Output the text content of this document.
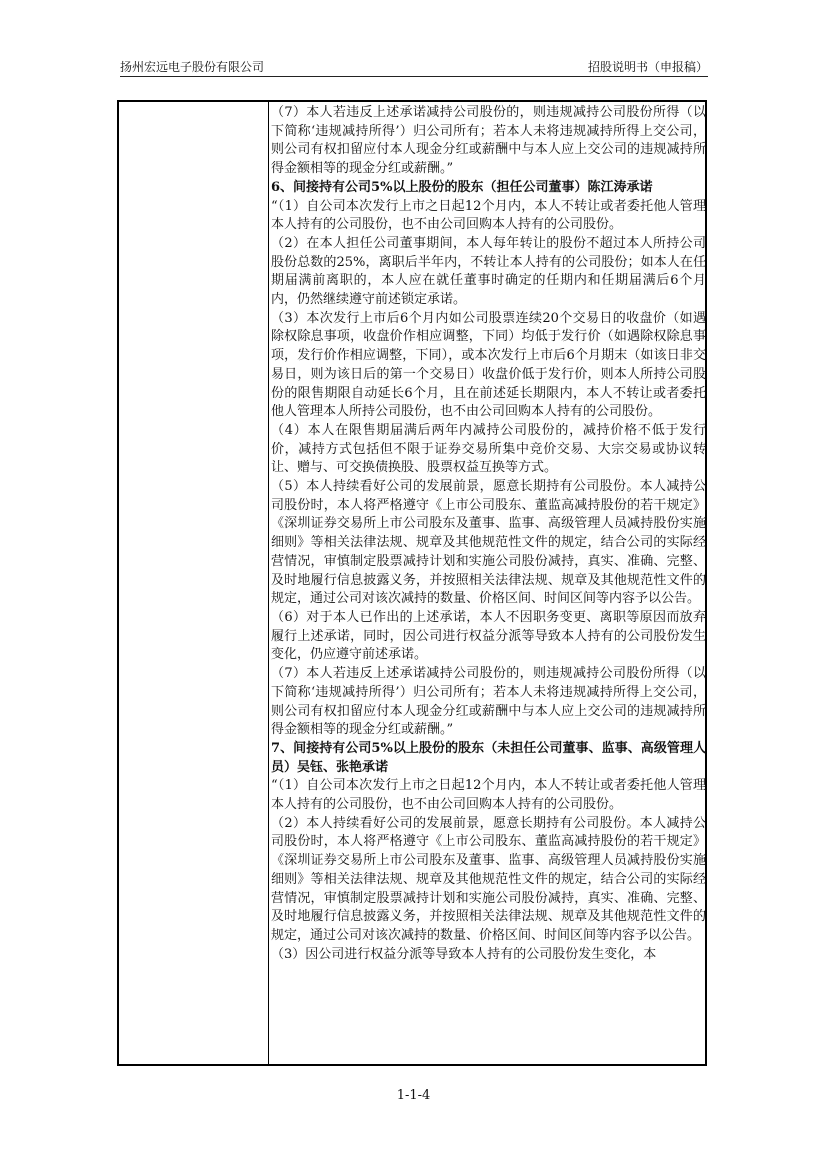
扬州宏远电子股份有限公司	招股说明书（申报稿）

（7）本人若违反上述承诺减持公司股份的，则违规减持公司股份所得（以下简称‘违规减持所得’）归公司所有；若本人未将违规减持所得上交公司，则公司有权扣留应付本人现金分红或薪酬中与本人应上交公司的违规减持所得金额相等的现金分红或薪酬。”

6、间接持有公司5%以上股份的股东（担任公司董事）陈江涛承诺

“（1）自公司本次发行上市之日起12个月内，本人不转让或者委托他人管理本人持有的公司股份，也不由公司回购本人持有的公司股份。

（2）在本人担任公司董事期间，本人每年转让的股份不超过本人所持公司股份总数的25%，离职后半年内，不转让本人持有的公司股份；如本人在任期届满前离职的，本人应在就任董事时确定的任期内和任期届满后6个月内，仍然继续遵守前述锁定承诺。

（3）本次发行上市后6个月内如公司股票连续20个交易日的收盘价（如遇除权除息事项，收盘价作相应调整，下同）均低于发行价（如遇除权除息事项，发行价作相应调整，下同），或本次发行上市后6个月期末（如该日非交易日，则为该日后的第一个交易日）收盘价低于发行价，则本人所持公司股份的限售期限自动延长6个月，且在前述延长期限内，本人不转让或者委托他人管理本人所持公司股份，也不由公司回购本人持有的公司股份。

（4）本人在限售期届满后两年内减持公司股份的，减持价格不低于发行价，减持方式包括但不限于证券交易所集中竞价交易、大宗交易或协议转让、赠与、可交换债换股、股票权益互换等方式。

（5）本人持续看好公司的发展前景，愿意长期持有公司股份。本人减持公司股份时，本人将严格遵守《上市公司股东、董监高减持股份的若干规定》《深圳证券交易所上市公司股东及董事、监事、高级管理人员减持股份实施细则》等相关法律法规、规章及其他规范性文件的规定，结合公司的实际经营情况，审慎制定股票减持计划和实施公司股份减持，真实、准确、完整、及时地履行信息披露义务，并按照相关法律法规、规章及其他规范性文件的规定，通过公司对该次减持的数量、价格区间、时间区间等内容予以公告。

（6）对于本人已作出的上述承诺，本人不因职务变更、离职等原因而放弃履行上述承诺，同时，因公司进行权益分派等导致本人持有的公司股份发生变化，仍应遵守前述承诺。

（7）本人若违反上述承诺减持公司股份的，则违规减持公司股份所得（以下简称‘违规减持所得’）归公司所有；若本人未将违规减持所得上交公司，则公司有权扣留应付本人现金分红或薪酬中与本人应上交公司的违规减持所得金额相等的现金分红或薪酬。”

7、间接持有公司5%以上股份的股东（未担任公司董事、监事、高级管理人员）吴钰、张艳承诺

“（1）自公司本次发行上市之日起12个月内，本人不转让或者委托他人管理本人持有的公司股份，也不由公司回购本人持有的公司股份。

（2）本人持续看好公司的发展前景，愿意长期持有公司股份。本人减持公司股份时，本人将严格遵守《上市公司股东、董监高减持股份的若干规定》《深圳证券交易所上市公司股东及董事、监事、高级管理人员减持股份实施细则》等相关法律法规、规章及其他规范性文件的规定，结合公司的实际经营情况，审慎制定股票减持计划和实施公司股份减持，真实、准确、完整、及时地履行信息披露义务，并按照相关法律法规、规章及其他规范性文件的规定，通过公司对该次减持的数量、价格区间、时间区间等内容予以公告。

（3）因公司进行权益分派等导致本人持有的公司股份发生变化，本

1-1-4
